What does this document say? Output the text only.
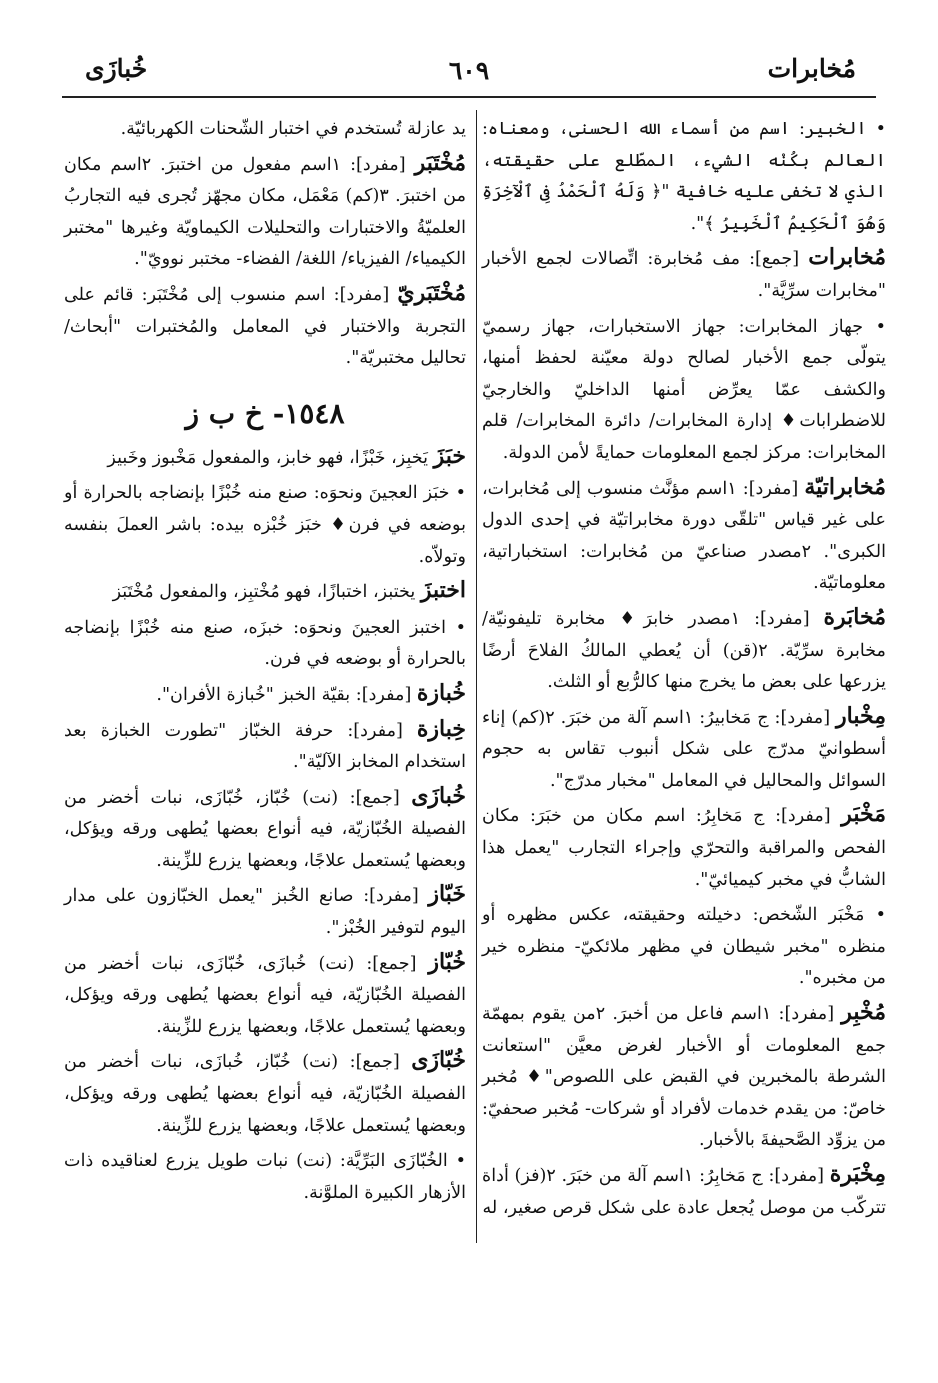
مُخابرات
٦٠٩
خُبازَى

• الخبير: اسم من أسماء الله الحسنى، ومعناه: العالم بكُنْه الشيء، المطّلع على حقيقته، الذي لا تخفى عليه خافية "﴿ وَلَهُ ٱلْحَمْدُ فِى ٱلْآخِرَةِ وَهُوَ ٱلْحَكِيمُ ٱلْخَبِيرُ ﴾".

مُخابرات [جمع]: مف مُخابرة: اتِّصالات لجمع الأخبار "مخابرات سرِّيَّة".

• جهاز المخابرات: جهاز الاستخبارات، جهاز رسميّ يتولّى جمع الأخبار لصالح دولة معيّنة لحفظ أمنها، والكشف عمّا يعرِّض أمنها الداخليّ والخارجيّ للاضطرابات♦ إدارة المخابرات/ دائرة المخابرات/ قلم المخابرات: مركز لجمع المعلومات حمايةً لأمن الدولة.

مُخابراتيّة [مفرد]: ١اسم مؤنَّث منسوب إلى مُخابرات، على غير قياس "تلقّى دورة مخابراتيّة في إحدى الدول الكبرى". ٢مصدر صناعيّ من مُخابرات: استخباراتية، معلوماتيّة.

مُخابَرة [مفرد]: ١مصدر خابرَ♦ مخابرة تليفونيّة/ مخابرة سرِّيّة. ٢(قن) أن يُعطي المالكُ الفلاحَ أرضًا يزرعها على بعض ما يخرج منها كالرُّبع أو الثلث.

مِخْبار [مفرد]: ج مَخابيرُ: ١اسم آلة من خبَرَ. ٢(كم) إناء أسطوانيّ مدرّج على شكل أنبوب تقاس به حجوم السوائل والمحاليل في المعامل "مخبار مدرّج".

مَخْبَر [مفرد]: ج مَخابِرُ: اسم مكان من خبَرَ: مكان الفحص والمراقبة والتحرّي وإجراء التجارب "يعمل هذا الشابُّ في مخبر كيميائيّ".

• مَخْبَر الشّخص: دخيلته وحقيقته، عكس مظهره أو منظره "مخبر شيطان في مظهر ملائكيّ- منظره خير من مخبره".

مُخْبِر [مفرد]: ١اسم فاعل من أخبرَ. ٢من يقوم بمهمّة جمع المعلومات أو الأخبار لغرض معيَّن "استعانت الشرطة بالمخبرين في القبض على اللصوص"♦ مُخبر خاصّ: من يقدم خدمات لأفراد أو شركات- مُخبر صحفيّ: من يزوِّد الصَّحيفةَ بالأخبار.

مِخْبَرة [مفرد]: ج مَخابِرُ: ١اسم آلة من خبَرَ. ٢(فز) أداة تتركّب من موصل يُجعل عادة على شكل قرص صغير، له

يد عازلة تُستخدم في اختبار الشّحنات الكهربائيّة.

مُخْتَبَر [مفرد]: ١اسم مفعول من اختبرَ. ٢اسم مكان من اختبرَ. ٣(كم) مَعْمَل، مكان مجهّز تُجرى فيه التجاربُ العلميّةُ والاختبارات والتحليلات الكيماويّة وغيرها "مختبر الكيمياء/ الفيزياء/ اللغة/ الفضاء- مختبر نوويّ".

مُخْتَبَريّ [مفرد]: اسم منسوب إلى مُخْتَبَر: قائم على التجربة والاختبار في المعامل والمُختبرات "أبحاث/ تحاليل مختبريّة".

١٥٤٨- خ ب ز

خبَزَ يَخبِز، خَبْزًا، فهو خابز، والمفعول مَخْبوز وخَبيز

• خبَز العجينَ ونحوَه: صنع منه خُبْزًا بإنضاجه بالحرارة أو بوضعه في فرن♦ خبَز خُبْزه بيده: باشر العملَ بنفسه وتولاّه.

اختبزَ يختبز، اختبازًا، فهو مُخْتبِز، والمفعول مُخْتَبَز

• اختبز العجينَ ونحوَه: خبزَه، صنع منه خُبْزًا بإنضاجه بالحرارة أو بوضعه في فرن.

خُبازة [مفرد]: بقيّة الخبز "خُبازة الأفران".

خِبازة [مفرد]: حرفة الخبّاز "تطورت الخبازة بعد استخدام المخابز الآليّة".

خُبازَى [جمع]: (نت) خُبّاز، خُبّازَى، نبات أخضر من الفصيلة الخُبّازيّة، فيه أنواع بعضها يُطهى ورقه ويؤكل، وبعضها يُستعمل علاجًا، وبعضها يزرع للزِّينة.

خَبّاز [مفرد]: صانع الخُبز "يعمل الخبّازون على مدار اليوم لتوفير الخُبْز".

خُبّاز [جمع]: (نت) خُبازَى، خُبّازَى، نبات أخضر من الفصيلة الخُبّازيّة، فيه أنواع بعضها يُطهى ورقه ويؤكل، وبعضها يُستعمل علاجًا، وبعضها يزرع للزِّينة.

خُبّازَى [جمع]: (نت) خُبّاز، خُبازَى، نبات أخضر من الفصيلة الخُبّازيّة، فيه أنواع بعضها يُطهى ورقه ويؤكل، وبعضها يُستعمل علاجًا، وبعضها يزرع للزِّينة.

• الخُبّازَى البَرِّيَّة: (نت) نبات طويل يزرع لعناقيده ذات الأزهار الكبيرة الملوَّنة.
